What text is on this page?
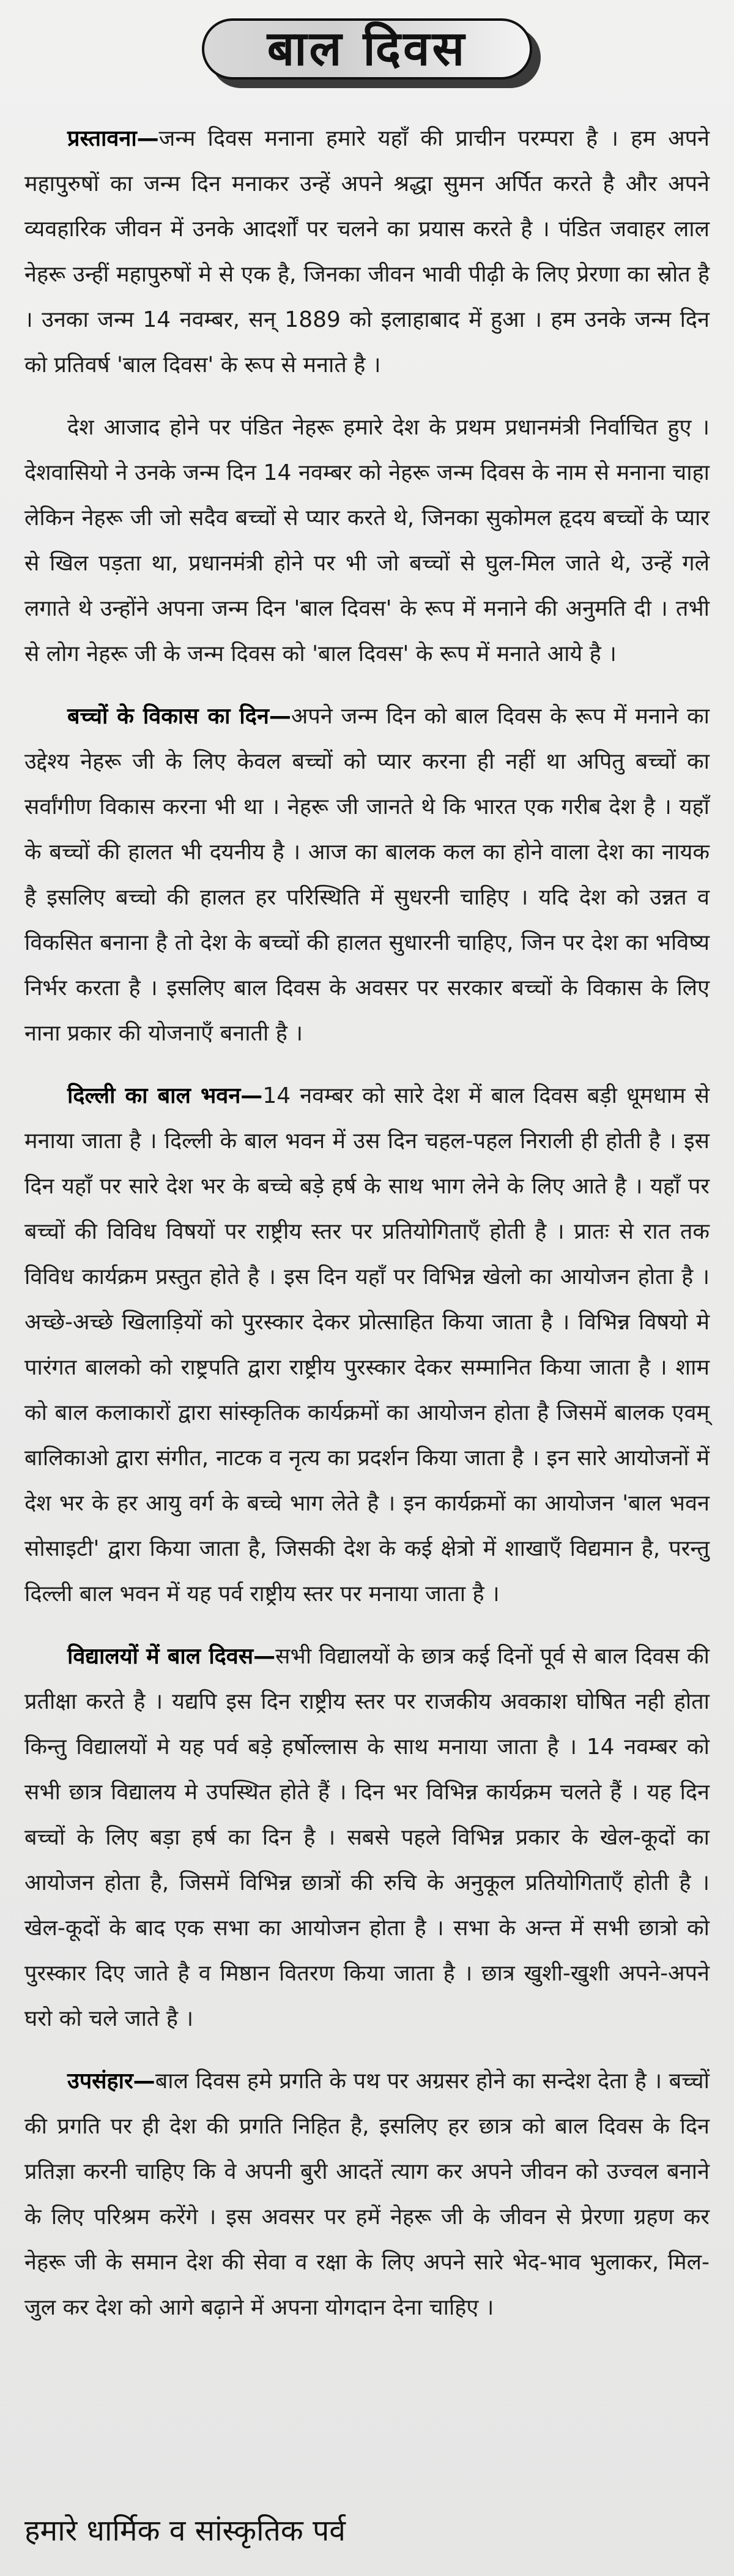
बाल दिवस

प्रस्तावना—जन्म दिवस मनाना हमारे यहाँ की प्राचीन परम्परा है । हम अपने महापुरुषों का जन्म दिन मनाकर उन्हें अपने श्रद्धा सुमन अर्पित करते है और अपने व्यवहारिक जीवन में उनके आदर्शों पर चलने का प्रयास करते है । पंडित जवाहर लाल नेहरू उन्हीं महापुरुषों मे से एक है, जिनका जीवन भावी पीढ़ी के लिए प्रेरणा का स्रोत है । उनका जन्म 14 नवम्बर, सन् 1889 को इलाहाबाद में हुआ । हम उनके जन्म दिन को प्रतिवर्ष 'बाल दिवस' के रूप से मनाते है ।

देश आजाद होने पर पंडित नेहरू हमारे देश के प्रथम प्रधानमंत्री निर्वाचित हुए । देशवासियो ने उनके जन्म दिन 14 नवम्बर को नेहरू जन्म दिवस के नाम से मनाना चाहा लेकिन नेहरू जी जो सदैव बच्चों से प्यार करते थे, जिनका सुकोमल हृदय बच्चों के प्यार से खिल पड़ता था, प्रधानमंत्री होने पर भी जो बच्चों से घुल-मिल जाते थे, उन्हें गले लगाते थे उन्होंने अपना जन्म दिन 'बाल दिवस' के रूप में मनाने की अनुमति दी । तभी से लोग नेहरू जी के जन्म दिवस को 'बाल दिवस' के रूप में मनाते आये है ।

बच्चों के विकास का दिन—अपने जन्म दिन को बाल दिवस के रूप में मनाने का उद्देश्य नेहरू जी के लिए केवल बच्चों को प्यार करना ही नहीं था अपितु बच्चों का सर्वांगीण विकास करना भी था । नेहरू जी जानते थे कि भारत एक गरीब देश है । यहाँ के बच्चों की हालत भी दयनीय है । आज का बालक कल का होने वाला देश का नायक है इसलिए बच्चो की हालत हर परिस्थिति में सुधरनी चाहिए । यदि देश को उन्नत व विकसित बनाना है तो देश के बच्चों की हालत सुधारनी चाहिए, जिन पर देश का भविष्य निर्भर करता है । इसलिए बाल दिवस के अवसर पर सरकार बच्चों के विकास के लिए नाना प्रकार की योजनाएँ बनाती है ।

दिल्ली का बाल भवन—14 नवम्बर को सारे देश में बाल दिवस बड़ी धूमधाम से मनाया जाता है । दिल्ली के बाल भवन में उस दिन चहल-पहल निराली ही होती है । इस दिन यहाँ पर सारे देश भर के बच्चे बड़े हर्ष के साथ भाग लेने के लिए आते है । यहाँ पर बच्चों की विविध विषयों पर राष्ट्रीय स्तर पर प्रतियोगिताएँ होती है । प्रातः से रात तक विविध कार्यक्रम प्रस्तुत होते है । इस दिन यहाँ पर विभिन्न खेलो का आयोजन होता है । अच्छे-अच्छे खिलाड़ियों को पुरस्कार देकर प्रोत्साहित किया जाता है । विभिन्न विषयो मे पारंगत बालको को राष्ट्रपति द्वारा राष्ट्रीय पुरस्कार देकर सम्मानित किया जाता है । शाम को बाल कलाकारों द्वारा सांस्कृतिक कार्यक्रमों का आयोजन होता है जिसमें बालक एवम् बालिकाओ द्वारा संगीत, नाटक व नृत्य का प्रदर्शन किया जाता है । इन सारे आयोजनों में देश भर के हर आयु वर्ग के बच्चे भाग लेते है । इन कार्यक्रमों का आयोजन 'बाल भवन सोसाइटी' द्वारा किया जाता है, जिसकी देश के कई क्षेत्रो में शाखाएँ विद्यमान है, परन्तु दिल्ली बाल भवन में यह पर्व राष्ट्रीय स्तर पर मनाया जाता है ।

विद्यालयों में बाल दिवस—सभी विद्यालयों के छात्र कई दिनों पूर्व से बाल दिवस की प्रतीक्षा करते है । यद्यपि इस दिन राष्ट्रीय स्तर पर राजकीय अवकाश घोषित नही होता किन्तु विद्यालयों मे यह पर्व बड़े हर्षोल्लास के साथ मनाया जाता है । 14 नवम्बर को सभी छात्र विद्यालय मे उपस्थित होते हैं । दिन भर विभिन्न कार्यक्रम चलते हैं । यह दिन बच्चों के लिए बड़ा हर्ष का दिन है । सबसे पहले विभिन्न प्रकार के खेल-कूदों का आयोजन होता है, जिसमें विभिन्न छात्रों की रुचि के अनुकूल प्रतियोगिताएँ होती है । खेल-कूदों के बाद एक सभा का आयोजन होता है । सभा के अन्त में सभी छात्रो को पुरस्कार दिए जाते है व मिष्ठान वितरण किया जाता है । छात्र खुशी-खुशी अपने-अपने घरो को चले जाते है ।

उपसंहार—बाल दिवस हमे प्रगति के पथ पर अग्रसर होने का सन्देश देता है । बच्चों की प्रगति पर ही देश की प्रगति निहित है, इसलिए हर छात्र को बाल दिवस के दिन प्रतिज्ञा करनी चाहिए कि वे अपनी बुरी आदतें त्याग कर अपने जीवन को उज्वल बनाने के लिए परिश्रम करेंगे । इस अवसर पर हमें नेहरू जी के जीवन से प्रेरणा ग्रहण कर नेहरू जी के समान देश की सेवा व रक्षा के लिए अपने सारे भेद-भाव भुलाकर, मिल-जुल कर देश को आगे बढ़ाने में अपना योगदान देना चाहिए ।

हमारे धार्मिक व सांस्कृतिक पर्व
